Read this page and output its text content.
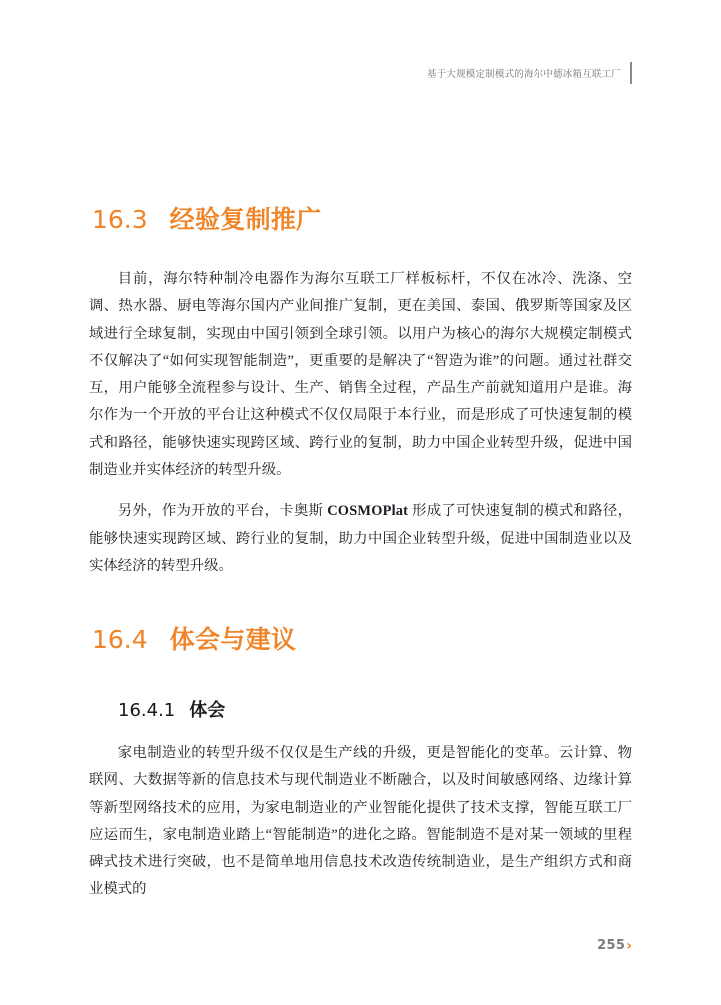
基于大规模定制模式的海尔中德冰箱互联工厂
16.3 经验复制推广

目前，海尔特种制冷电器作为海尔互联工厂样板标杆，不仅在冰冷、洗涤、空调、热水器、厨电等海尔国内产业间推广复制，更在美国、泰国、俄罗斯等国家及区域进行全球复制，实现由中国引领到全球引领。以用户为核心的海尔大规模定制模式不仅解决了“如何实现智能制造”，更重要的是解决了“智造为谁”的问题。通过社群交互，用户能够全流程参与设计、生产、销售全过程，产品生产前就知道用户是谁。海尔作为一个开放的平台让这种模式不仅仅局限于本行业，而是形成了可快速复制的模式和路径，能够快速实现跨区域、跨行业的复制，助力中国企业转型升级，促进中国制造业并实体经济的转型升级。

另外，作为开放的平台，卡奥斯 COSMOPlat 形成了可快速复制的模式和路径，能够快速实现跨区域、跨行业的复制，助力中国企业转型升级，促进中国制造业以及实体经济的转型升级。

16.4 体会与建议
16.4.1 体会

家电制造业的转型升级不仅仅是生产线的升级，更是智能化的变革。云计算、物联网、大数据等新的信息技术与现代制造业不断融合，以及时间敏感网络、边缘计算等新型网络技术的应用，为家电制造业的产业智能化提供了技术支撑，智能互联工厂应运而生，家电制造业踏上“智能制造”的进化之路。智能制造不是对某一领域的里程碑式技术进行突破，也不是简单地用信息技术改造传统制造业，是生产组织方式和商业模式的

255 ›
